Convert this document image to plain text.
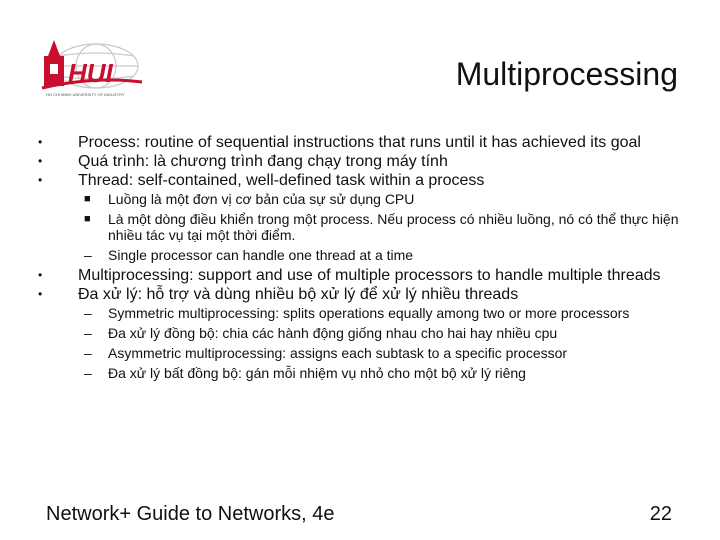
HUI
HO CHI MINH UNIVERSITY OF INDUSTRY
Multiprocessing
• Process: routine of sequential instructions that runs until it has achieved its goal
• Quá trình: là chương trình đang chạy trong máy tính
• Thread: self-contained, well-defined task within a process
■ Luồng là một đơn vị cơ bản của sự sử dụng CPU
■ Là một dòng điều khiển trong một process. Nếu process có nhiều luồng, nó có thể thực hiện nhiều tác vụ tại một thời điểm.
– Single processor can handle one thread at a time
• Multiprocessing: support and use of multiple processors to handle multiple threads
• Đa xử lý: hỗ trợ và dùng nhiều bộ xử lý để xử lý nhiều threads
– Symmetric multiprocessing: splits operations equally among two or more processors
– Đa xử lý đồng bộ: chia các hành động giống nhau cho hai hay nhiều cpu
– Asymmetric multiprocessing: assigns each subtask to a specific processor
– Đa xử lý bất đồng bộ: gán mỗi nhiệm vụ nhỏ cho một bộ xử lý riêng
Network+ Guide to Networks, 4e	22
